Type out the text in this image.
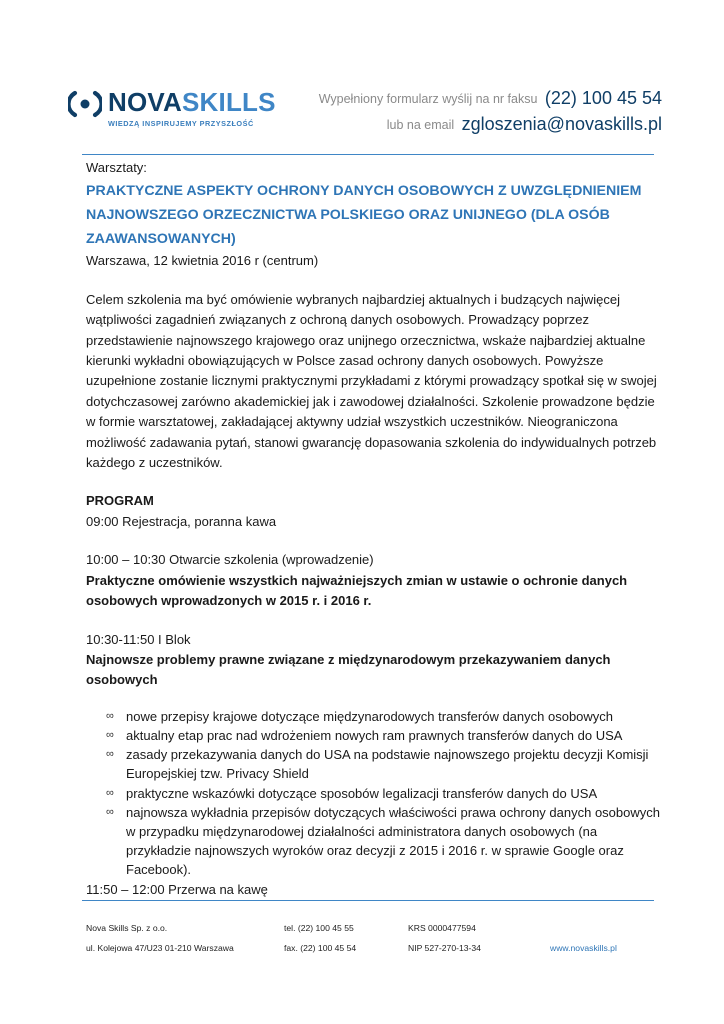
NOVASKILLS
WIEDZĄ INSPIRUJEMY PRZYSZŁOŚĆ
Wypełniony formularz wyślij na nr faksu (22) 100 45 54
lub na email zgloszenia@novaskills.pl
Warsztaty:
PRAKTYCZNE ASPEKTY OCHRONY DANYCH OSOBOWYCH Z UWZGLĘDNIENIEM
NAJNOWSZEGO ORZECZNICTWA POLSKIEGO ORAZ UNIJNEGO (DLA OSÓB
ZAAWANSOWANYCH)
Warszawa, 12 kwietnia 2016 r (centrum)
Celem szkolenia ma być omówienie wybranych najbardziej aktualnych i budzących najwięcej
wątpliwości zagadnień związanych z ochroną danych osobowych. Prowadzący poprzez
przedstawienie najnowszego krajowego oraz unijnego orzecznictwa, wskaże najbardziej aktualne
kierunki wykładni obowiązujących w Polsce zasad ochrony danych osobowych. Powyższe
uzupełnione zostanie licznymi praktycznymi przykładami z którymi prowadzący spotkał się w swojej
dotychczasowej zarówno akademickiej jak i zawodowej działalności. Szkolenie prowadzone będzie
w formie warsztatowej, zakładającej aktywny udział wszystkich uczestników. Nieograniczona
możliwość zadawania pytań, stanowi gwarancję dopasowania szkolenia do indywidualnych potrzeb
każdego z uczestników.
PROGRAM
09:00 Rejestracja, poranna kawa
10:00 – 10:30 Otwarcie szkolenia (wprowadzenie)
Praktyczne omówienie wszystkich najważniejszych zmian w ustawie o ochronie danych
osobowych wprowadzonych w 2015 r. i 2016 r.
10:30-11:50 I Blok
Najnowsze problemy prawne związane z międzynarodowym przekazywaniem danych osobowych
∞ nowe przepisy krajowe dotyczące międzynarodowych transferów danych osobowych
∞ aktualny etap prac nad wdrożeniem nowych ram prawnych transferów danych do USA
∞ zasady przekazywania danych do USA na podstawie najnowszego projektu decyzji Komisji
Europejskiej tzw. Privacy Shield
∞ praktyczne wskazówki dotyczące sposobów legalizacji transferów danych do USA
∞ najnowsza wykładnia przepisów dotyczących właściwości prawa ochrony danych osobowych
w przypadku międzynarodowej działalności administratora danych osobowych (na
przykładzie najnowszych wyroków oraz decyzji z 2015 i 2016 r. w sprawie Google oraz
Facebook).
11:50 – 12:00 Przerwa na kawę
Nova Skills Sp. z o.o.
ul. Kolejowa 47/U23 01-210 Warszawa
tel. (22) 100 45 55
fax. (22) 100 45 54
KRS 0000477594
NIP 527-270-13-34	www.novaskills.pl
